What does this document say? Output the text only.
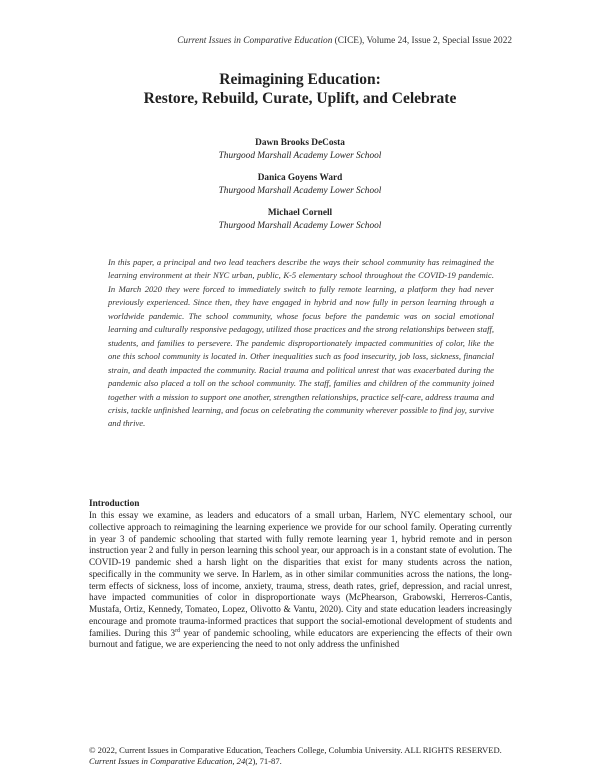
Current Issues in Comparative Education (CICE), Volume 24, Issue 2, Special Issue 2022
Reimagining Education:
Restore, Rebuild, Curate, Uplift, and Celebrate
Dawn Brooks DeCosta
Thurgood Marshall Academy Lower School
Danica Goyens Ward
Thurgood Marshall Academy Lower School
Michael Cornell
Thurgood Marshall Academy Lower School
In this paper, a principal and two lead teachers describe the ways their school community has reimagined the learning environment at their NYC urban, public, K-5 elementary school throughout the COVID-19 pandemic. In March 2020 they were forced to immediately switch to fully remote learning, a platform they had never previously experienced. Since then, they have engaged in hybrid and now fully in person learning through a worldwide pandemic. The school community, whose focus before the pandemic was on social emotional learning and culturally responsive pedagogy, utilized those practices and the strong relationships between staff, students, and families to persevere. The pandemic disproportionately impacted communities of color, like the one this school community is located in. Other inequalities such as food insecurity, job loss, sickness, financial strain, and death impacted the community. Racial trauma and political unrest that was exacerbated during the pandemic also placed a toll on the school community. The staff, families and children of the community joined together with a mission to support one another, strengthen relationships, practice self-care, address trauma and crisis, tackle unfinished learning, and focus on celebrating the community wherever possible to find joy, survive and thrive.
Introduction

In this essay we examine, as leaders and educators of a small urban, Harlem, NYC elementary school, our collective approach to reimagining the learning experience we provide for our school family. Operating currently in year 3 of pandemic schooling that started with fully remote learning year 1, hybrid remote and in person instruction year 2 and fully in person learning this school year, our approach is in a constant state of evolution. The COVID-19 pandemic shed a harsh light on the disparities that exist for many students across the nation, specifically in the community we serve. In Harlem, as in other similar communities across the nations, the long-term effects of sickness, loss of income, anxiety, trauma, stress, death rates, grief, depression, and racial unrest, have impacted communities of color in disproportionate ways (McPhearson, Grabowski, Herreros-Cantis, Mustafa, Ortiz, Kennedy, Tomateo, Lopez, Olivotto & Vantu, 2020). City and state education leaders increasingly encourage and promote trauma-informed practices that support the social-emotional development of students and families. During this 3rd year of pandemic schooling, while educators are experiencing the effects of their own burnout and fatigue, we are experiencing the need to not only address the unfinished

© 2022, Current Issues in Comparative Education, Teachers College, Columbia University. ALL RIGHTS RESERVED. Current Issues in Comparative Education, 24(2), 71-87.
